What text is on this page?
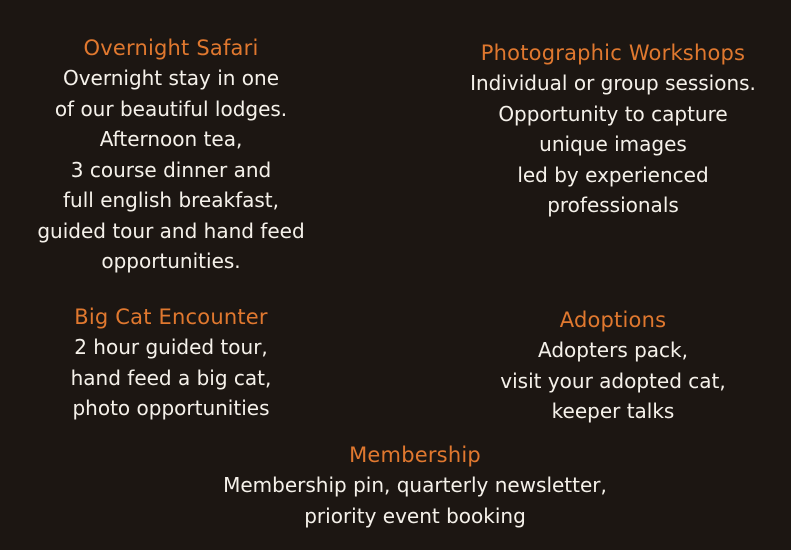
Overnight Safari
Overnight stay in one
of our beautiful lodges.
Afternoon tea,
3 course dinner and
full english breakfast,
guided tour and hand feed
opportunities.
Photographic Workshops
Individual or group sessions.
Opportunity to capture
unique images
led by experienced
professionals
Big Cat Encounter
2 hour guided tour,
hand feed a big cat,
photo opportunities
Adoptions
Adopters pack,
visit your adopted cat,
keeper talks
Membership
Membership pin, quarterly newsletter,
priority event booking
